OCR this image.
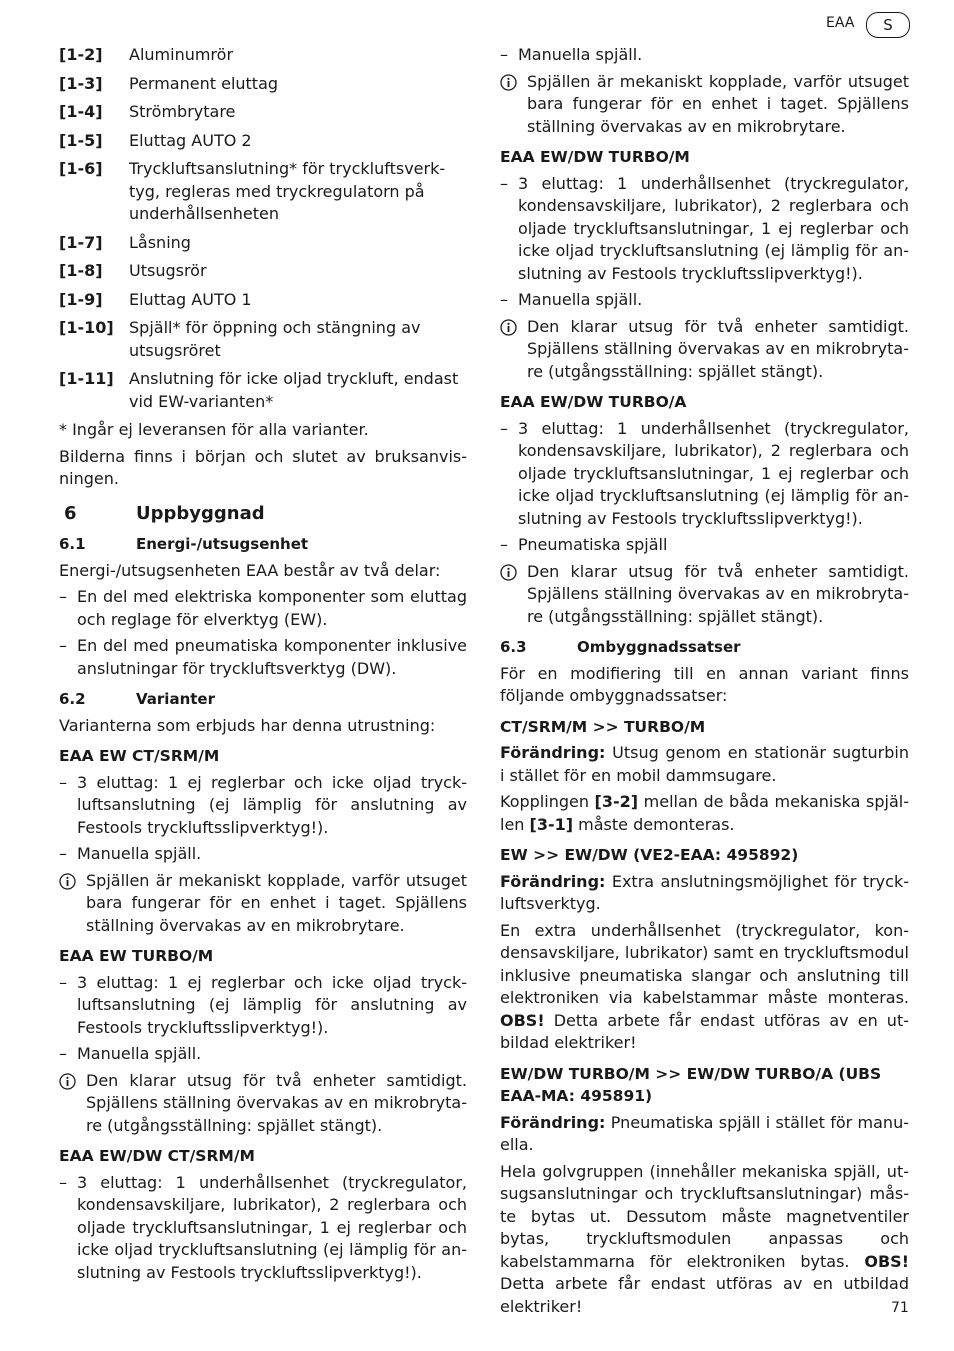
EAA	S
[1-2]	Aluminumrör
[1-3]	Permanent eluttag
[1-4]	Strömbrytare
[1-5]	Eluttag AUTO 2
[1-6]	Tryckluftsanslutning* för tryckluftsverktyg, regleras med tryckregulatorn på underhållsenheten
[1-7]	Låsning
[1-8]	Utsugsrör
[1-9]	Eluttag AUTO 1
[1-10] Spjäll* för öppning och stängning av utsugsröret
[1-11] Anslutning för icke oljad tryckluft, endast vid EW-varianten*

* Ingår ej leveransen för alla varianter.

Bilderna finns i början och slutet av bruksanvisningen.

6	Uppbyggnad
6.1	Energi-/utsugsenhet

Energi-/utsugsenheten EAA består av två delar:

– En del med elektriska komponenter som eluttag och reglage för elverktyg (EW).
– En del med pneumatiska komponenter inklusive anslutningar för tryckluftsverktyg (DW).
6.2	Varianter

Varianterna som erbjuds har denna utrustning:

EAA EW CT/SRM/M
– 3 eluttag: 1 ej reglerbar och icke oljad tryckluftsanslutning (ej lämplig för anslutning av Festools tryckluftsslipverktyg!).
– Manuella spjäll.
Spjällen är mekaniskt kopplade, varför utsuget bara fungerar för en enhet i taget. Spjällens ställning övervakas av en mikrobrytare.
EAA EW TURBO/M
– 3 eluttag: 1 ej reglerbar och icke oljad tryckluftsanslutning (ej lämplig för anslutning av Festools tryckluftsslipverktyg!).
– Manuella spjäll.
Den klarar utsug för två enheter samtidigt. Spjällens ställning övervakas av en mikrobrytare (utgångsställning: spjället stängt).
EAA EW/DW CT/SRM/M
– 3 eluttag: 1 underhållsenhet (tryckregulator, kondensavskiljare, lubrikator), 2 reglerbara och oljade tryckluftsanslutningar, 1 ej reglerbar och icke oljad tryckluftsanslutning (ej lämplig för anslutning av Festools tryckluftsslipverktyg!).
– Manuella spjäll.
Spjällen är mekaniskt kopplade, varför utsuget bara fungerar för en enhet i taget. Spjällens ställning övervakas av en mikrobrytare.
EAA EW/DW TURBO/M
– 3 eluttag: 1 underhållsenhet (tryckregulator, kondensavskiljare, lubrikator), 2 reglerbara och oljade tryckluftsanslutningar, 1 ej reglerbar och icke oljad tryckluftsanslutning (ej lämplig för anslutning av Festools tryckluftsslipverktyg!).
– Manuella spjäll.
Den klarar utsug för två enheter samtidigt. Spjällens ställning övervakas av en mikrobrytare (utgångsställning: spjället stängt).
EAA EW/DW TURBO/A
– 3 eluttag: 1 underhållsenhet (tryckregulator, kondensavskiljare, lubrikator), 2 reglerbara och oljade tryckluftsanslutningar, 1 ej reglerbar och icke oljad tryckluftsanslutning (ej lämplig för anslutning av Festools tryckluftsslipverktyg!).
– Pneumatiska spjäll
Den klarar utsug för två enheter samtidigt. Spjällens ställning övervakas av en mikrobrytare (utgångsställning: spjället stängt).
6.3	Ombyggnadssatser

För en modifiering till en annan variant finns följande ombyggnadssatser:

CT/SRM/M >> TURBO/M

Förändring: Utsug genom en stationär sugturbin i stället för en mobil dammsugare.

Kopplingen [3-2] mellan de båda mekaniska spjällen [3-1] måste demonteras.

EW >> EW/DW (VE2-EAA: 495892)

Förändring: Extra anslutningsmöjlighet för tryckluftsverktyg.

En extra underhållsenhet (tryckregulator, kondensavskiljare, lubrikator) samt en tryckluftsmodul inklusive pneumatiska slangar och anslutning till elektroniken via kabelstammar måste monteras. OBS! Detta arbete får endast utföras av en utbildad elektriker!

EW/DW TURBO/M >> EW/DW TURBO/A (UBS EAA-MA: 495891)

Förändring: Pneumatiska spjäll i stället för manuella.

Hela golvgruppen (innehåller mekaniska spjäll, utsugsanslutningar och tryckluftsanslutningar) måste bytas ut. Dessutom måste magnetventiler bytas, tryckluftsmodulen anpassas och kabelstammarna för elektroniken bytas. OBS! Detta arbete får endast utföras av en utbildad elektriker!	71
